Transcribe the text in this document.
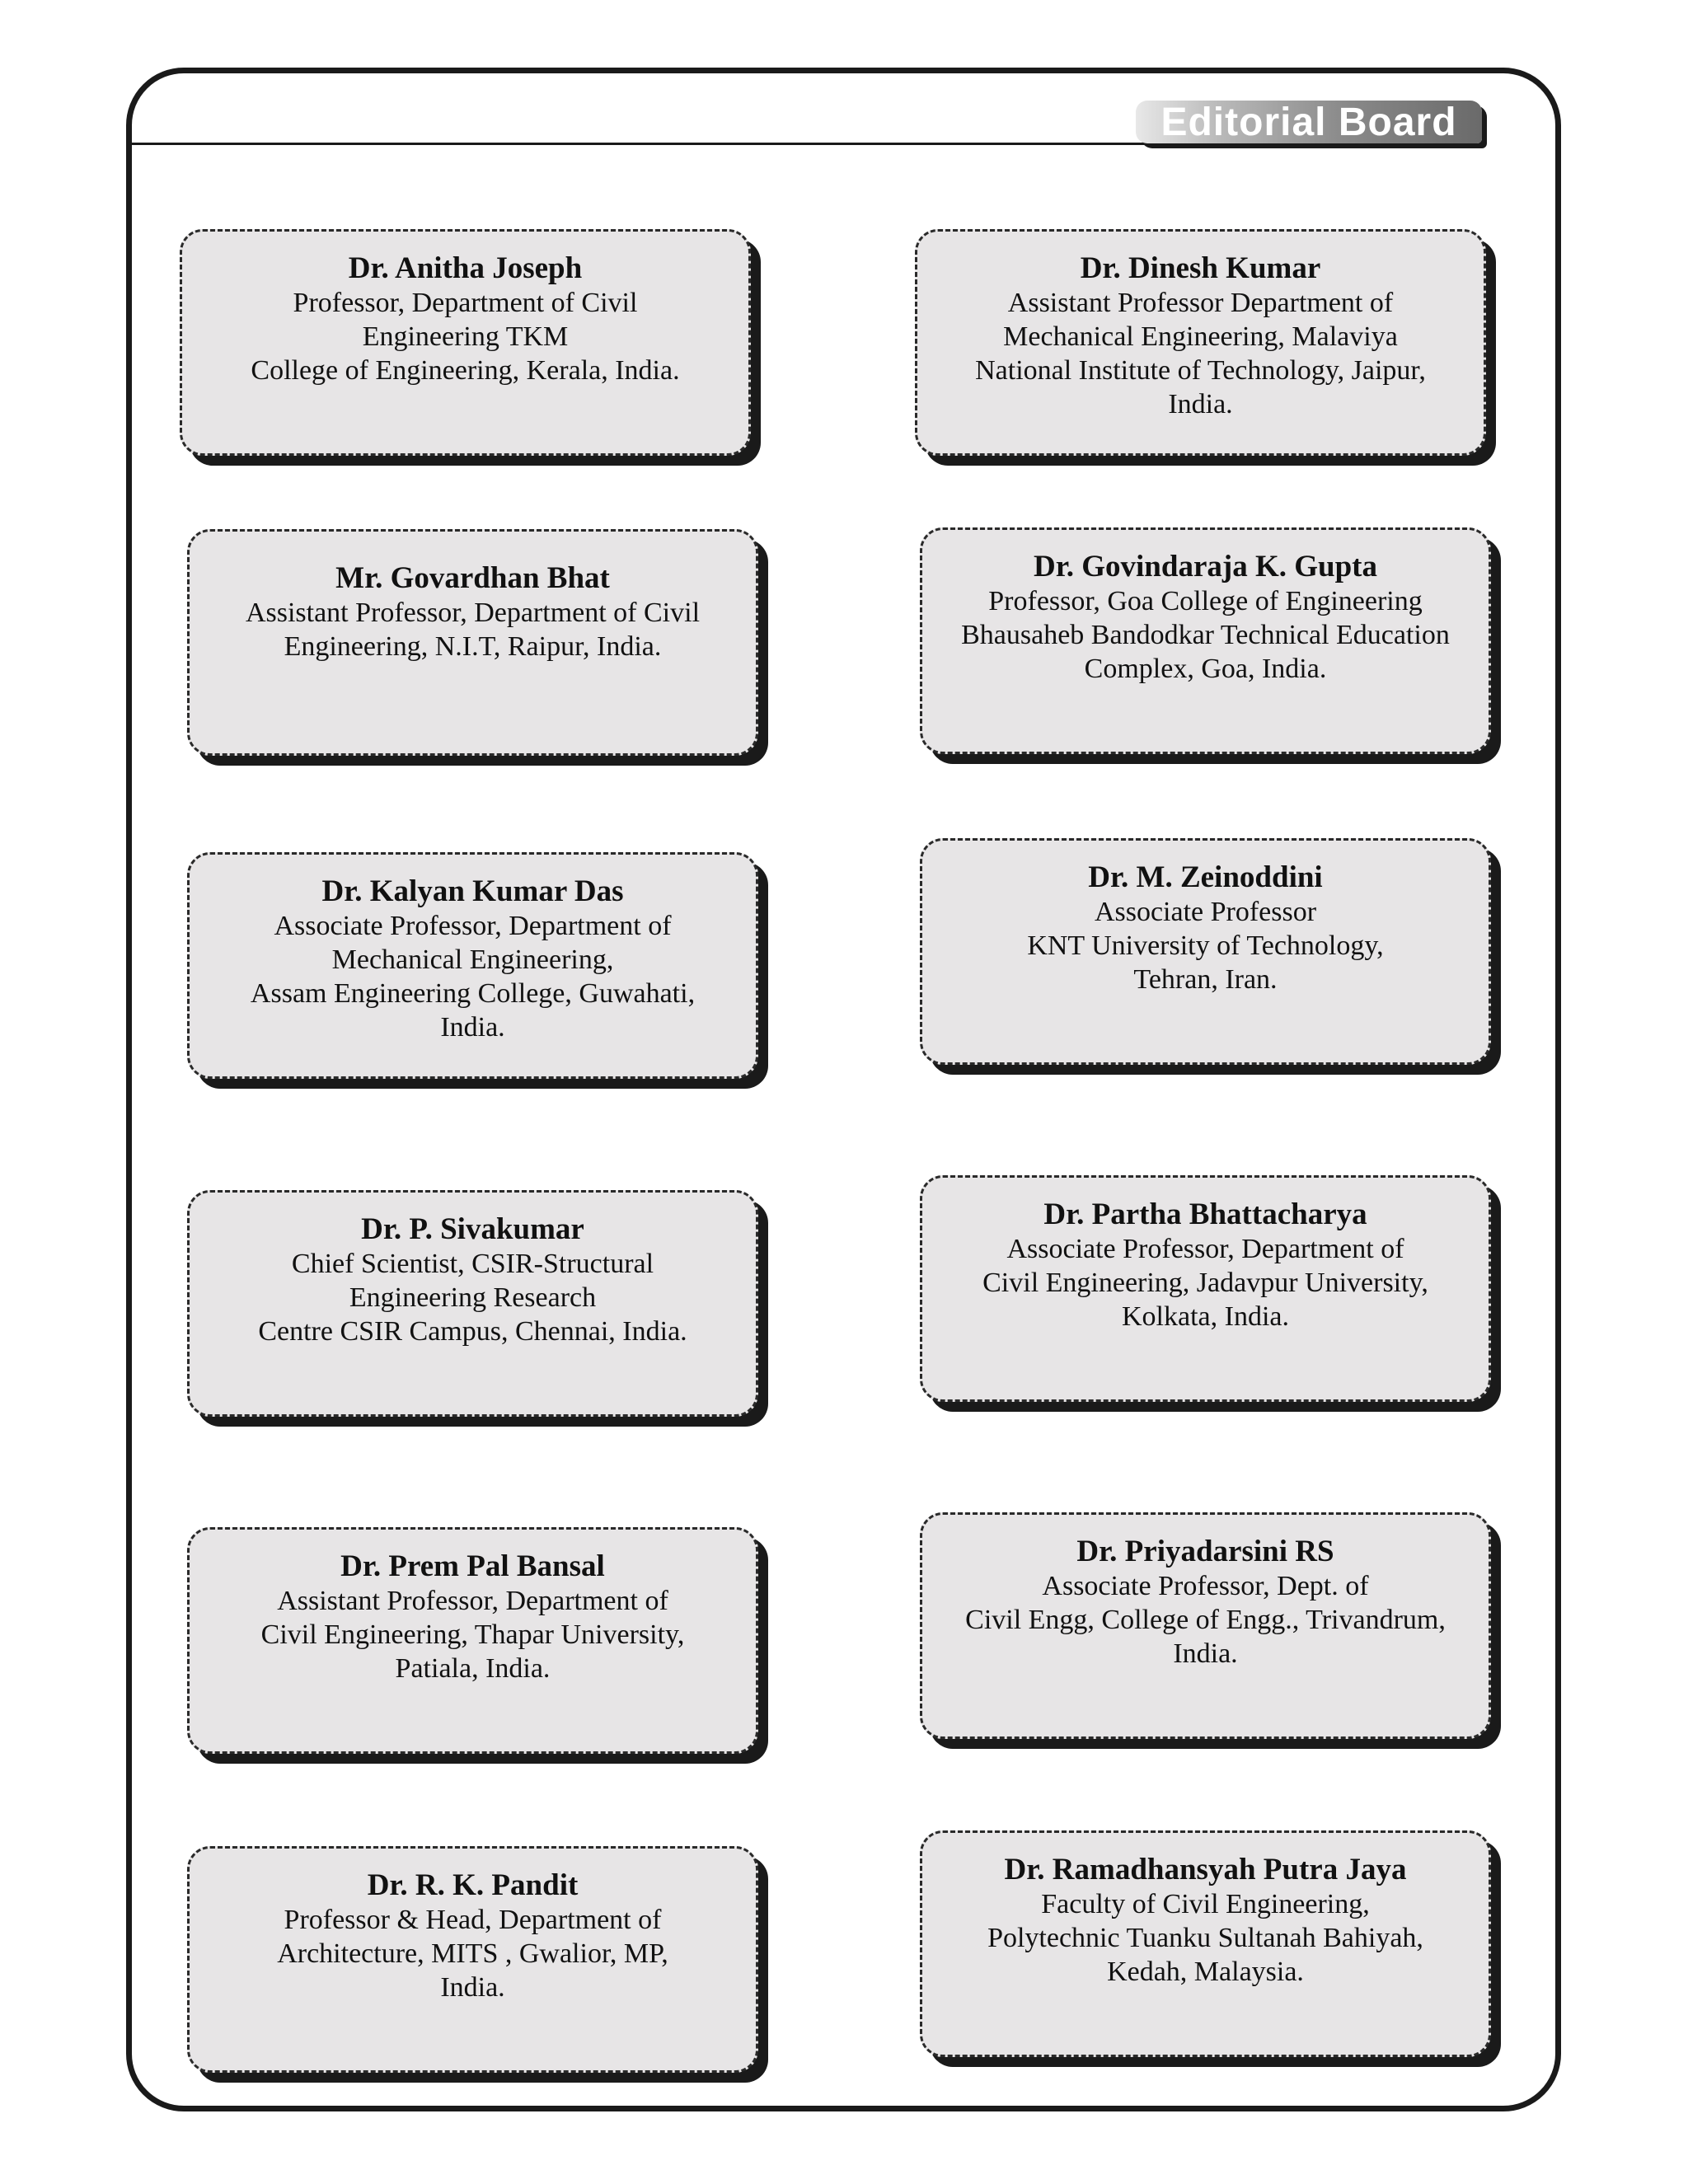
Editorial Board

Dr. Anitha Joseph

Professor, Department of Civil
Engineering TKM
College of Engineering, Kerala, India.

Mr. Govardhan Bhat

Assistant Professor, Department of Civil
Engineering, N.I.T, Raipur, India.

Dr. Kalyan Kumar Das

Associate Professor, Department of
Mechanical Engineering,
Assam Engineering College, Guwahati,
India.

Dr. P. Sivakumar

Chief Scientist, CSIR-Structural
Engineering Research
Centre CSIR Campus, Chennai, India.

Dr. Prem Pal Bansal

Assistant Professor, Department of
Civil Engineering, Thapar University,
Patiala, India.

Dr. R. K. Pandit

Professor & Head, Department of
Architecture, MITS , Gwalior, MP,
India.

Dr. Dinesh Kumar

Assistant Professor Department of
Mechanical Engineering, Malaviya
National Institute of Technology, Jaipur,
India.

Dr. Govindaraja K. Gupta

Professor, Goa College of Engineering
Bhausaheb Bandodkar Technical Education
Complex, Goa, India.

Dr. M. Zeinoddini

Associate Professor
KNT University of Technology,
Tehran, Iran.

Dr. Partha Bhattacharya

Associate Professor, Department of
Civil Engineering, Jadavpur University,
Kolkata, India.

Dr. Priyadarsini RS

Associate Professor, Dept. of
Civil Engg, College of Engg., Trivandrum,
India.

Dr. Ramadhansyah Putra Jaya

Faculty of Civil Engineering,
Polytechnic Tuanku Sultanah Bahiyah,
Kedah, Malaysia.
